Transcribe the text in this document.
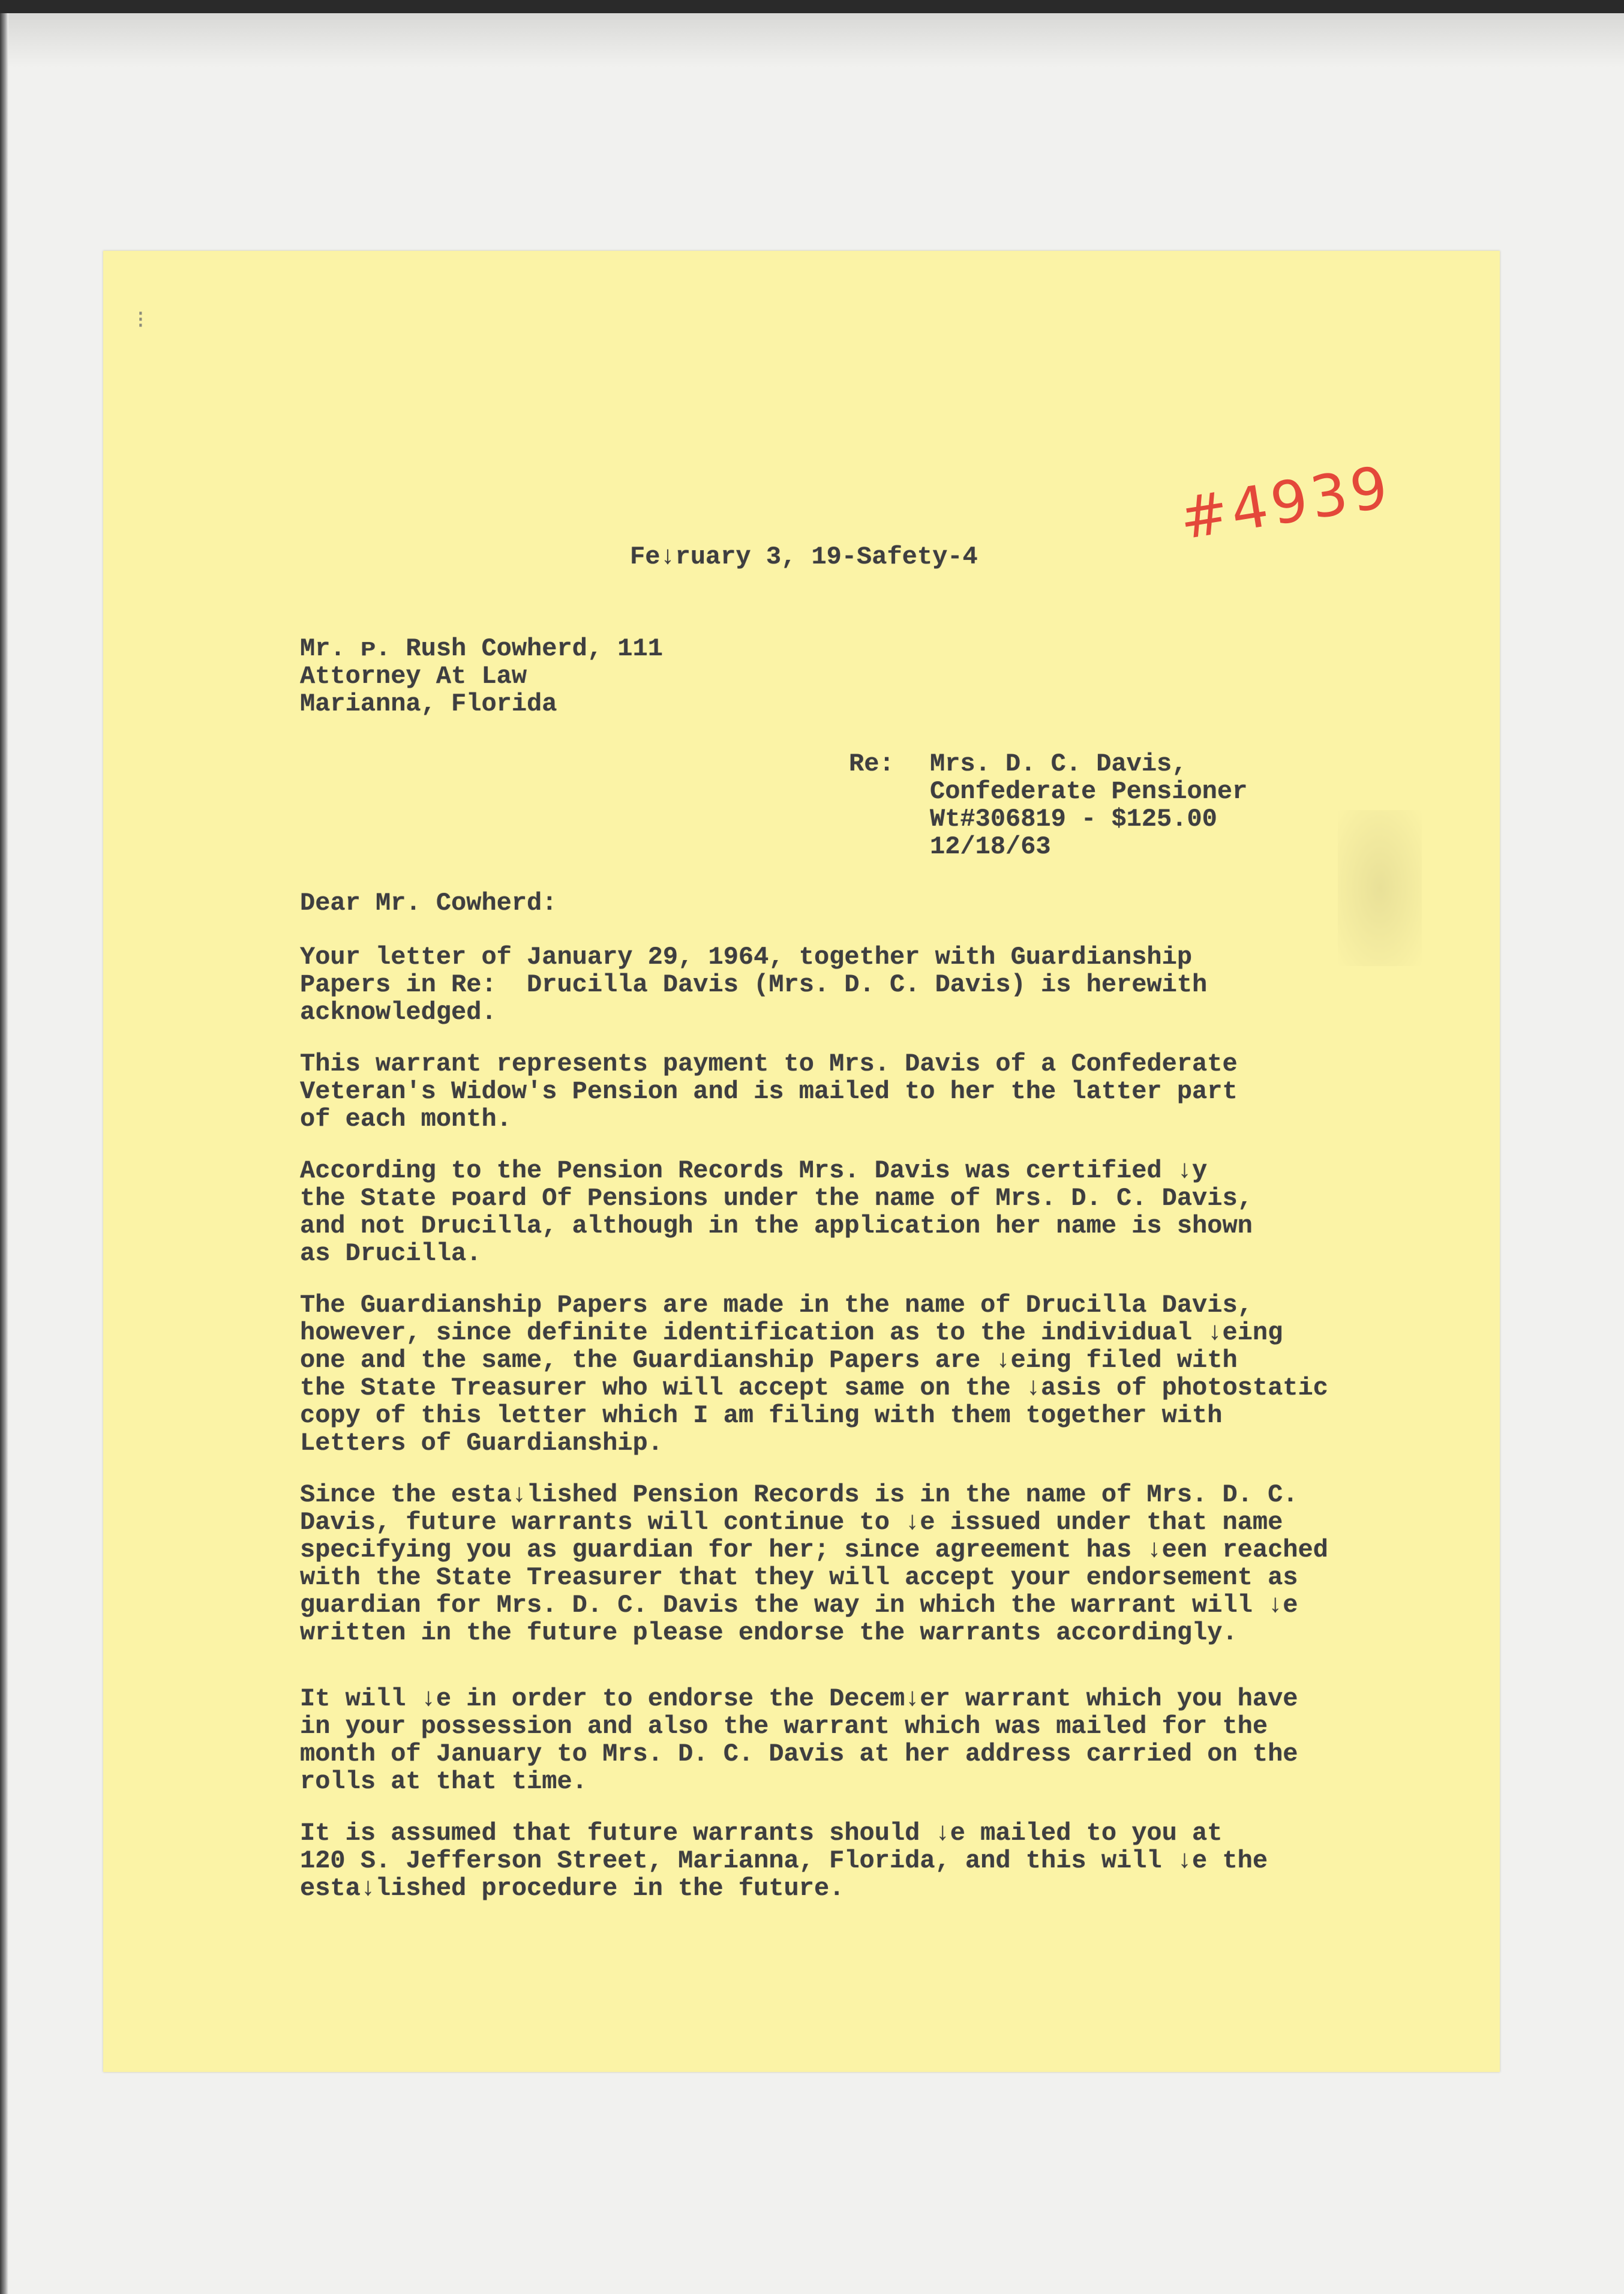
⁝
#4939
Fe↓ruary 3, 19-Safety-4
Mr. ᴘ. Rush Cowherd, 111
Attorney At Law
Marianna, Florida
Re: Mrs. D. C. Davis,
Confederate Pensioner
Wt#306819 - $125.00
12/18/63
Dear Mr. Cowherd:
Your letter of January 29, 1964, together with Guardianship
Papers in Re:  Drucilla Davis (Mrs. D. C. Davis) is herewith
acknowledged.
This warrant represents payment to Mrs. Davis of a Confederate
Veteran's Widow's Pension and is mailed to her the latter part
of each month.
According to the Pension Records Mrs. Davis was certified ↓y
the State ᴘoard Of Pensions under the name of Mrs. D. C. Davis,
and not Drucilla, although in the application her name is shown
as Drucilla.
The Guardianship Papers are made in the name of Drucilla Davis,
however, since definite identification as to the individual ↓eing
one and the same, the Guardianship Papers are ↓eing filed with
the State Treasurer who will accept same on the ↓asis of photostatic
copy of this letter which I am filing with them together with
Letters of Guardianship.
Since the esta↓lished Pension Records is in the name of Mrs. D. C.
Davis, future warrants will continue to ↓e issued under that name
specifying you as guardian for her; since agreement has ↓een reached
with the State Treasurer that they will accept your endorsement as
guardian for Mrs. D. C. Davis the way in which the warrant will ↓e
written in the future please endorse the warrants accordingly.
It will ↓e in order to endorse the Decem↓er warrant which you have
in your possession and also the warrant which was mailed for the
month of January to Mrs. D. C. Davis at her address carried on the
rolls at that time.
It is assumed that future warrants should ↓e mailed to you at
120 S. Jefferson Street, Marianna, Florida, and this will ↓e the
esta↓lished procedure in the future.
